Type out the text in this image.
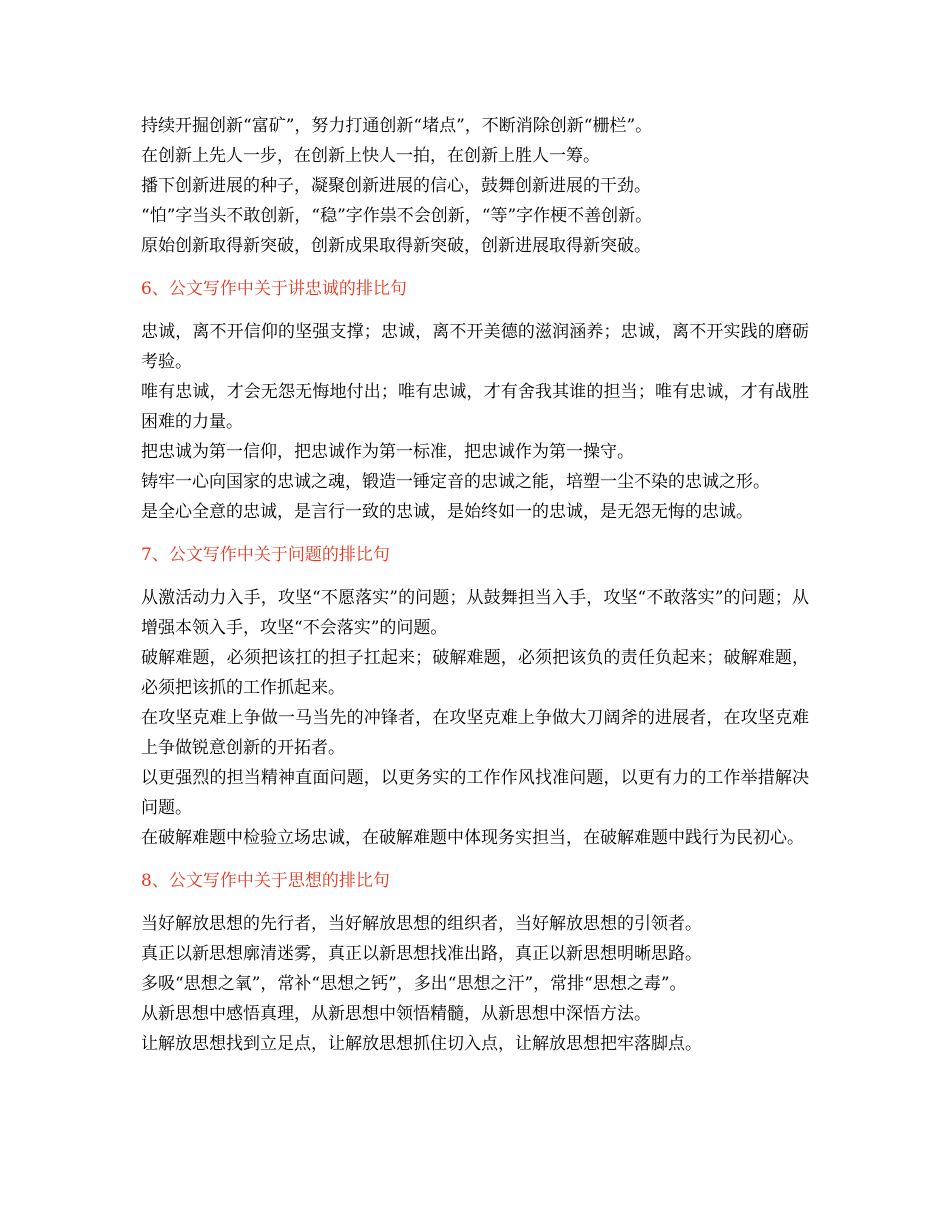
持续开掘创新“富矿”，努力打通创新“堵点”，不断消除创新“栅栏”。

在创新上先人一步，在创新上快人一拍，在创新上胜人一筹。

播下创新进展的种子，凝聚创新进展的信心，鼓舞创新进展的干劲。

“怕”字当头不敢创新，“稳”字作祟不会创新，“等”字作梗不善创新。

原始创新取得新突破，创新成果取得新突破，创新进展取得新突破。

6、公文写作中关于讲忠诚的排比句

忠诚，离不开信仰的坚强支撑；忠诚，离不开美德的滋润涵养；忠诚，离不开实践的磨砺考验。

唯有忠诚，才会无怨无悔地付出；唯有忠诚，才有舍我其谁的担当；唯有忠诚，才有战胜困难的力量。

把忠诚为第一信仰，把忠诚作为第一标准，把忠诚作为第一操守。

铸牢一心向国家的忠诚之魂，锻造一锤定音的忠诚之能，培塑一尘不染的忠诚之形。

是全心全意的忠诚，是言行一致的忠诚，是始终如一的忠诚，是无怨无悔的忠诚。

7、公文写作中关于问题的排比句

从激活动力入手，攻坚“不愿落实”的问题；从鼓舞担当入手，攻坚“不敢落实”的问题；从增强本领入手，攻坚“不会落实”的问题。

破解难题，必须把该扛的担子扛起来；破解难题，必须把该负的责任负起来；破解难题，必须把该抓的工作抓起来。

在攻坚克难上争做一马当先的冲锋者，在攻坚克难上争做大刀阔斧的进展者，在攻坚克难上争做锐意创新的开拓者。

以更强烈的担当精神直面问题，以更务实的工作作风找准问题，以更有力的工作举措解决问题。

在破解难题中检验立场忠诚，在破解难题中体现务实担当，在破解难题中践行为民初心。

8、公文写作中关于思想的排比句

当好解放思想的先行者，当好解放思想的组织者，当好解放思想的引领者。

真正以新思想廓清迷雾，真正以新思想找准出路，真正以新思想明晰思路。

多吸“思想之氧”，常补“思想之钙”，多出“思想之汗”，常排“思想之毒”。

从新思想中感悟真理，从新思想中领悟精髓，从新思想中深悟方法。

让解放思想找到立足点，让解放思想抓住切入点，让解放思想把牢落脚点。
